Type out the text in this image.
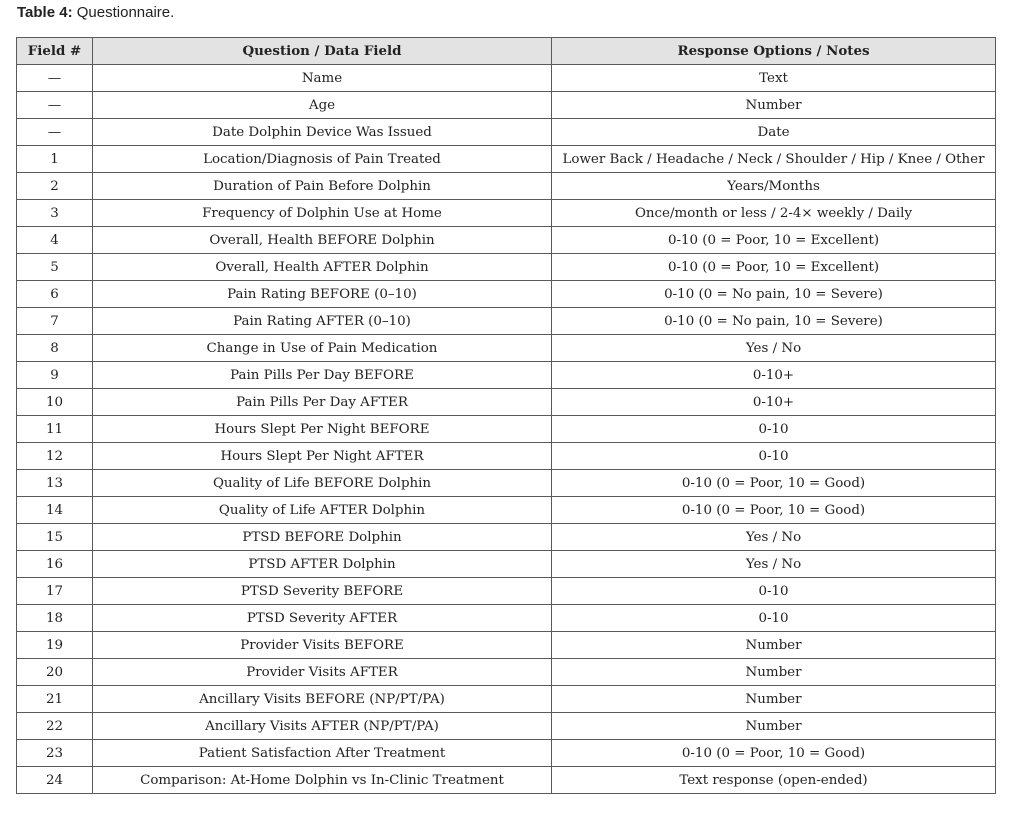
Table 4: Questionnaire.
Field #	Question / Data Field	Response Options / Notes
—	Name	Text
—	Age	Number
—	Date Dolphin Device Was Issued	Date
1	Location/Diagnosis of Pain Treated	Lower Back / Headache / Neck / Shoulder / Hip / Knee / Other
2	Duration of Pain Before Dolphin	Years/Months
3	Frequency of Dolphin Use at Home	Once/month or less / 2-4× weekly / Daily
4	Overall, Health BEFORE Dolphin	0-10 (0 = Poor, 10 = Excellent)
5	Overall, Health AFTER Dolphin	0-10 (0 = Poor, 10 = Excellent)
6	Pain Rating BEFORE (0–10)	0-10 (0 = No pain, 10 = Severe)
7	Pain Rating AFTER (0–10)	0-10 (0 = No pain, 10 = Severe)
8	Change in Use of Pain Medication	Yes / No
9	Pain Pills Per Day BEFORE	0-10+
10	Pain Pills Per Day AFTER	0-10+
11	Hours Slept Per Night BEFORE	0-10
12	Hours Slept Per Night AFTER	0-10
13	Quality of Life BEFORE Dolphin	0-10 (0 = Poor, 10 = Good)
14	Quality of Life AFTER Dolphin	0-10 (0 = Poor, 10 = Good)
15	PTSD BEFORE Dolphin	Yes / No
16	PTSD AFTER Dolphin	Yes / No
17	PTSD Severity BEFORE	0-10
18	PTSD Severity AFTER	0-10
19	Provider Visits BEFORE	Number
20	Provider Visits AFTER	Number
21	Ancillary Visits BEFORE (NP/PT/PA)	Number
22	Ancillary Visits AFTER (NP/PT/PA)	Number
23	Patient Satisfaction After Treatment	0-10 (0 = Poor, 10 = Good)
24	Comparison: At-Home Dolphin vs In-Clinic Treatment	Text response (open-ended)
